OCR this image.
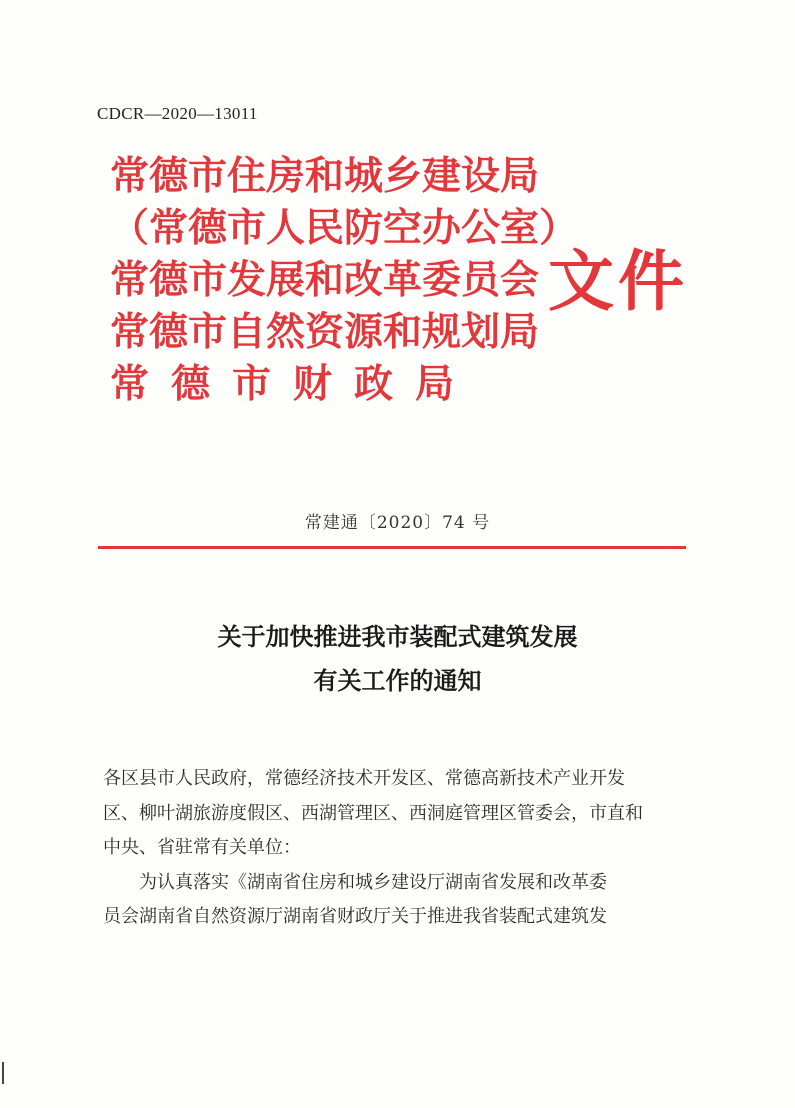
CDCR—2020—13011
常德市住房和城乡建设局
（常德市人民防空办公室）
常德市发展和改革委员会
常德市自然资源和规划局
常德市财政局
文件
常建通〔2020〕74 号
关于加快推进我市装配式建筑发展
有关工作的通知
各区县市人民政府，常德经济技术开发区、常德高新技术产业开发
区、柳叶湖旅游度假区、西湖管理区、西洞庭管理区管委会，市直和
中央、省驻常有关单位：
为认真落实《湖南省住房和城乡建设厅湖南省发展和改革委
员会湖南省自然资源厅湖南省财政厅关于推进我省装配式建筑发
